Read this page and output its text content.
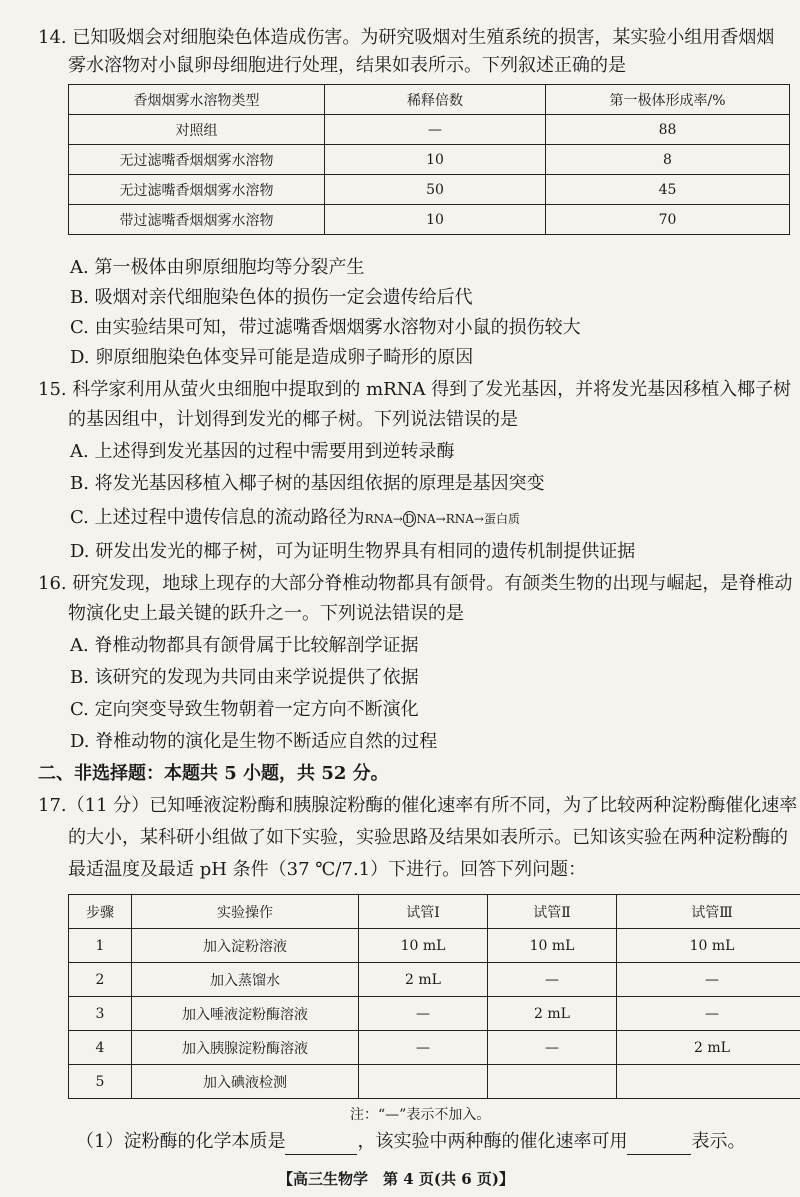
14. 已知吸烟会对细胞染色体造成伤害。为研究吸烟对生殖系统的损害，某实验小组用香烟烟
雾水溶物对小鼠卵母细胞进行处理，结果如表所示。下列叙述正确的是
香烟烟雾水溶物类型	稀释倍数	第一极体形成率/%
对照组	—	88
无过滤嘴香烟烟雾水溶物	10	8
无过滤嘴香烟烟雾水溶物	50	45
带过滤嘴香烟烟雾水溶物	10	70
A. 第一极体由卵原细胞均等分裂产生
B. 吸烟对亲代细胞染色体的损伤一定会遗传给后代
C. 由实验结果可知，带过滤嘴香烟烟雾水溶物对小鼠的损伤较大
D. 卵原细胞染色体变异可能是造成卵子畸形的原因
15. 科学家利用从萤火虫细胞中提取到的 mRNA 得到了发光基因，并将发光基因移植入椰子树
的基因组中，计划得到发光的椰子树。下列说法错误的是
A. 上述得到发光基因的过程中需要用到逆转录酶
B. 将发光基因移植入椰子树的基因组依据的原理是基因突变
C. 上述过程中遗传信息的流动路径为RNA→ D NA→RNA→蛋白质
D. 研发出发光的椰子树，可为证明生物界具有相同的遗传机制提供证据
16. 研究发现，地球上现存的大部分脊椎动物都具有颌骨。有颌类生物的出现与崛起，是脊椎动
物演化史上最关键的跃升之一。下列说法错误的是
A. 脊椎动物都具有颌骨属于比较解剖学证据
B. 该研究的发现为共同由来学说提供了依据
C. 定向突变导致生物朝着一定方向不断演化
D. 脊椎动物的演化是生物不断适应自然的过程
二、非选择题：本题共 5 小题，共 52 分。
17.（11 分）已知唾液淀粉酶和胰腺淀粉酶的催化速率有所不同，为了比较两种淀粉酶催化速率
的大小，某科研小组做了如下实验，实验思路及结果如表所示。已知该实验在两种淀粉酶的
最适温度及最适 pH 条件（37 ℃/7.1）下进行。回答下列问题：
步骤	实验操作	试管Ⅰ	试管Ⅱ	试管Ⅲ
1	加入淀粉溶液	10 mL	10 mL	10 mL
2	加入蒸馏水	2 mL	—	—
3	加入唾液淀粉酶溶液	—	2 mL	—
4	加入胰腺淀粉酶溶液	—	—	2 mL
5	加入碘液检测			
注：“—”表示不加入。
（1）淀粉酶的化学本质是	，该实验中两种酶的催化速率可用	表示。
【高三生物学　第 4 页(共 6 页)】
